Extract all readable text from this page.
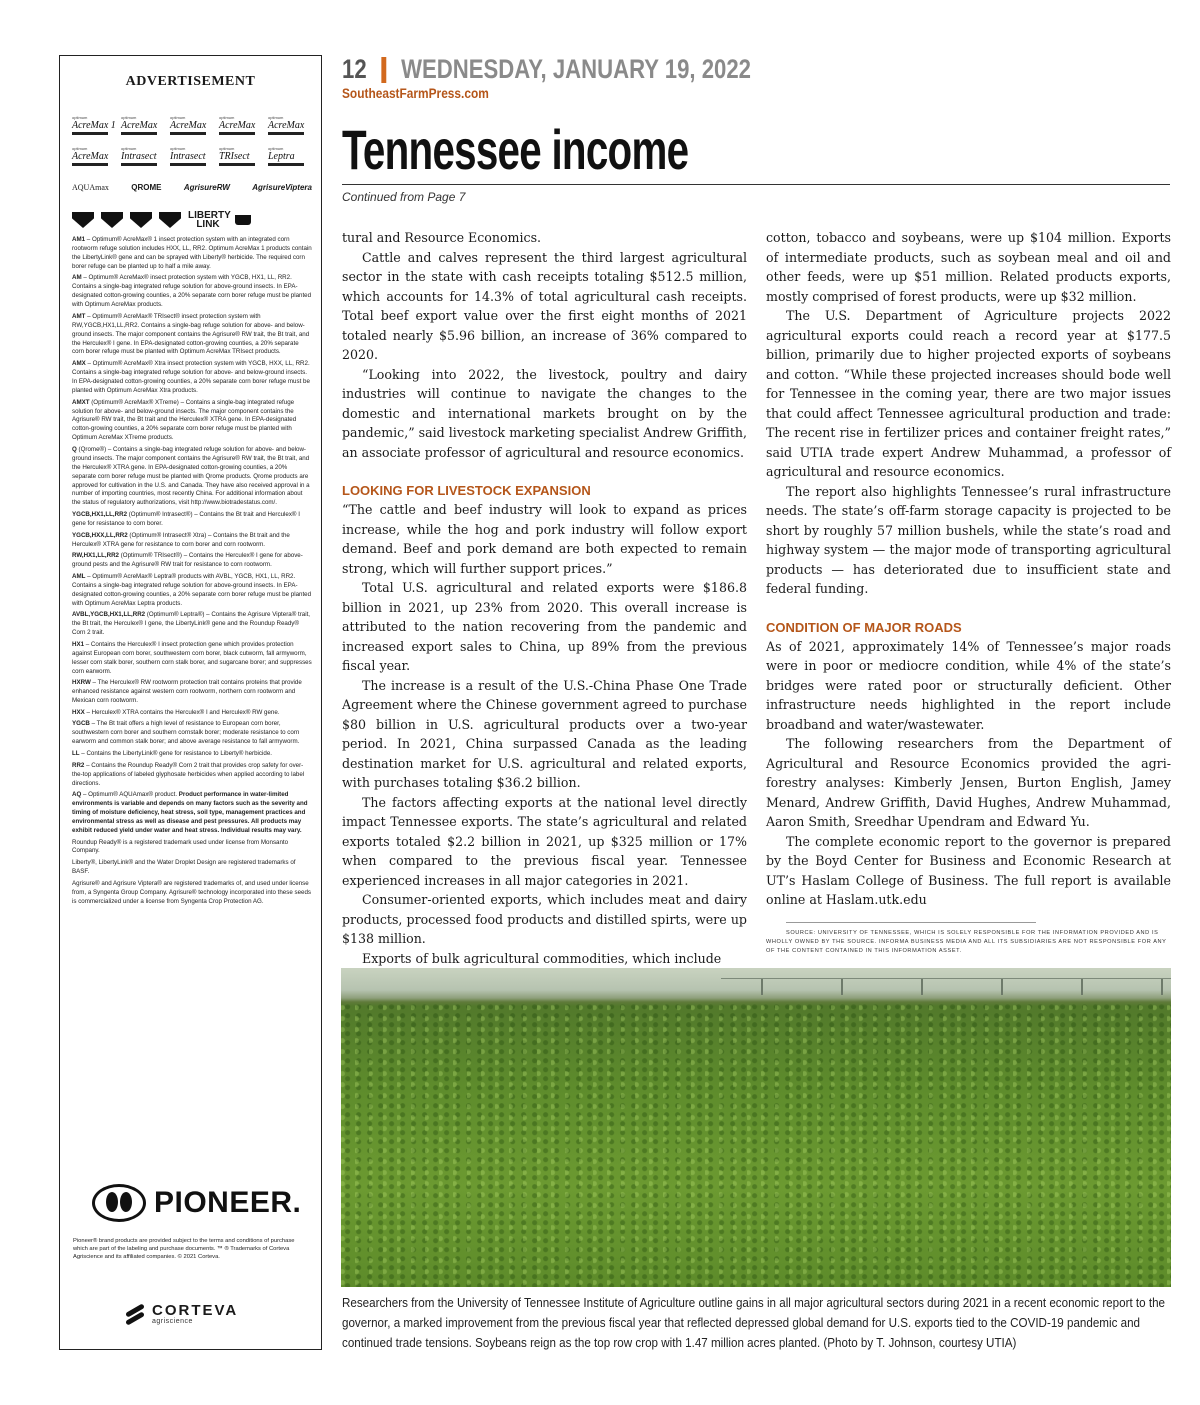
ADVERTISEMENT
optimum
AcreMax 1
optimum
AcreMax
optimum
AcreMax
optimum
AcreMax
optimum
AcreMax
optimum
AcreMax
optimum
Intrasect
optimum
Intrasect
optimum
TRIsect
optimum
Leptra
AQUAmax	QROME	AgrisureRW	AgrisureViptera
LIBERTY LINK

AM1 – Optimum® AcreMax® 1 insect protection system with an integrated corn rootworm refuge solution includes HXX, LL, RR2. Optimum AcreMax 1 products contain the LibertyLink® gene and can be sprayed with Liberty® herbicide. The required corn borer refuge can be planted up to half a mile away.

AM – Optimum® AcreMax® insect protection system with YGCB, HX1, LL, RR2. Contains a single-bag integrated refuge solution for above-ground insects. In EPA-designated cotton-growing counties, a 20% separate corn borer refuge must be planted with Optimum AcreMax products.

AMT – Optimum® AcreMax® TRIsect® insect protection system with RW,YGCB,HX1,LL,RR2. Contains a single-bag refuge solution for above- and below-ground insects. The major component contains the Agrisure® RW trait, the Bt trait, and the Herculex® I gene. In EPA-designated cotton-growing counties, a 20% separate corn borer refuge must be planted with Optimum AcreMax TRIsect products.

AMX – Optimum® AcreMax® Xtra insect protection system with YGCB, HXX, LL, RR2. Contains a single-bag integrated refuge solution for above- and below-ground insects. In EPA-designated cotton-growing counties, a 20% separate corn borer refuge must be planted with Optimum AcreMax Xtra products.

AMXT (Optimum® AcreMax® XTreme) – Contains a single-bag integrated refuge solution for above- and below-ground insects. The major component contains the Agrisure® RW trait, the Bt trait and the Herculex® XTRA gene. In EPA-designated cotton-growing counties, a 20% separate corn borer refuge must be planted with Optimum AcreMax XTreme products.

Q (Qrome®) – Contains a single-bag integrated refuge solution for above- and below-ground insects. The major component contains the Agrisure® RW trait, the Bt trait, and the Herculex® XTRA gene. In EPA-designated cotton-growing counties, a 20% separate corn borer refuge must be planted with Qrome products. Qrome products are approved for cultivation in the U.S. and Canada. They have also received approval in a number of importing countries, most recently China. For additional information about the status of regulatory authorizations, visit http://www.biotradestatus.com/.

YGCB,HX1,LL,RR2 (Optimum® Intrasect®) – Contains the Bt trait and Herculex® I gene for resistance to corn borer.

YGCB,HXX,LL,RR2 (Optimum® Intrasect® Xtra) – Contains the Bt trait and the Herculex® XTRA gene for resistance to corn borer and corn rootworm.

RW,HX1,LL,RR2 (Optimum® TRIsect®) – Contains the Herculex® I gene for above-ground pests and the Agrisure® RW trait for resistance to corn rootworm.

AML – Optimum® AcreMax® Leptra® products with AVBL, YGCB, HX1, LL, RR2. Contains a single-bag integrated refuge solution for above-ground insects. In EPA-designated cotton-growing counties, a 20% separate corn borer refuge must be planted with Optimum AcreMax Leptra products.

AVBL,YGCB,HX1,LL,RR2 (Optimum® Leptra®) – Contains the Agrisure Viptera® trait, the Bt trait, the Herculex® I gene, the LibertyLink® gene and the Roundup Ready® Corn 2 trait.

HX1 – Contains the Herculex® I insect protection gene which provides protection against European corn borer, southwestern corn borer, black cutworm, fall armyworm, lesser corn stalk borer, southern corn stalk borer, and sugarcane borer; and suppresses corn earworm.

HXRW – The Herculex® RW rootworm protection trait contains proteins that provide enhanced resistance against western corn rootworm, northern corn rootworm and Mexican corn rootworm.

HXX – Herculex® XTRA contains the Herculex® I and Herculex® RW gene.

YGCB – The Bt trait offers a high level of resistance to European corn borer, southwestern corn borer and southern cornstalk borer; moderate resistance to corn earworm and common stalk borer; and above average resistance to fall armyworm.

LL – Contains the LibertyLink® gene for resistance to Liberty® herbicide.

RR2 – Contains the Roundup Ready® Corn 2 trait that provides crop safety for over-the-top applications of labeled glyphosate herbicides when applied according to label directions.

AQ – Optimum® AQUAmax® product. Product performance in water-limited environments is variable and depends on many factors such as the severity and timing of moisture deficiency, heat stress, soil type, management practices and environmental stress as well as disease and pest pressures. All products may exhibit reduced yield under water and heat stress. Individual results may vary.

Roundup Ready® is a registered trademark used under license from Monsanto Company.

Liberty®, LibertyLink® and the Water Droplet Design are registered trademarks of BASF.

Agrisure® and Agrisure Viptera® are registered trademarks of, and used under license from, a Syngenta Group Company. Agrisure® technology incorporated into these seeds is commercialized under a license from Syngenta Crop Protection AG.

PIONEER.
Pioneer® brand products are provided subject to the terms and conditions of purchase which are part of the labeling and purchase documents. ™ ® Trademarks of Corteva Agriscience and its affiliated companies. © 2021 Corteva.
CORTEVA
agriscience
12 WEDNESDAY, JANUARY 19, 2022
SoutheastFarmPress.com
Tennessee income
Continued from Page 7

tural and Resource Economics.

Cattle and calves represent the third largest agricultural sector in the state with cash receipts totaling $512.5 million, which accounts for 14.3% of total agricultural cash receipts. Total beef export value over the first eight months of 2021 totaled nearly $5.96 billion, an increase of 36% compared to 2020.

“Looking into 2022, the livestock, poultry and dairy industries will continue to navigate the changes to the domestic and international markets brought on by the pandemic,” said livestock marketing specialist Andrew Griffith, an associate professor of agricultural and resource economics.

LOOKING FOR LIVESTOCK EXPANSION

“The cattle and beef industry will look to expand as prices increase, while the hog and pork industry will follow export demand. Beef and pork demand are both expected to remain strong, which will further support prices.”

Total U.S. agricultural and related exports were $186.8 billion in 2021, up 23% from 2020. This overall increase is attributed to the nation recovering from the pandemic and increased export sales to China, up 89% from the previous fiscal year.

The increase is a result of the U.S.-China Phase One Trade Agreement where the Chinese government agreed to purchase $80 billion in U.S. agricultural products over a two-year period. In 2021, China surpassed Canada as the leading destination market for U.S. agricultural and related exports, with purchases totaling $36.2 billion.

The factors affecting exports at the national level directly impact Tennessee exports. The state’s agricultural and related exports totaled $2.2 billion in 2021, up $325 million or 17% when compared to the previous fiscal year. Tennessee experienced increases in all major categories in 2021.

Consumer-oriented exports, which includes meat and dairy products, processed food products and distilled spirts, were up $138 million.

Exports of bulk agricultural commodities, which include

cotton, tobacco and soybeans, were up $104 million. Exports of intermediate products, such as soybean meal and oil and other feeds, were up $51 million. Related products exports, mostly comprised of forest products, were up $32 million.

The U.S. Department of Agriculture projects 2022 agricultural exports could reach a record year at $177.5 billion, primarily due to higher projected exports of soybeans and cotton. “While these projected increases should bode well for Tennessee in the coming year, there are two major issues that could affect Tennessee agricultural production and trade: The recent rise in fertilizer prices and container freight rates,” said UTIA trade expert Andrew Muhammad, a professor of agricultural and resource economics.

The report also highlights Tennessee’s rural infrastructure needs. The state’s off-farm storage capacity is projected to be short by roughly 57 million bushels, while the state’s road and highway system — the major mode of transporting agricultural products — has deteriorated due to insufficient state and federal funding.

CONDITION OF MAJOR ROADS

As of 2021, approximately 14% of Tennessee’s major roads were in poor or mediocre condition, while 4% of the state’s bridges were rated poor or structurally deficient. Other infrastructure needs highlighted in the report include broadband and water/wastewater.

The following researchers from the Department of Agricultural and Resource Economics provided the agri-forestry analyses: Kimberly Jensen, Burton English, Jamey Menard, Andrew Griffith, David Hughes, Andrew Muhammad, Aaron Smith, Sreedhar Upendram and Edward Yu.

The complete economic report to the governor is prepared by the Boyd Center for Business and Economic Research at UT’s Haslam College of Business. The full report is available online at Haslam.utk.edu

SOURCE: UNIVERSITY OF TENNESSEE, WHICH IS SOLELY RESPONSIBLE FOR THE INFORMATION PROVIDED AND IS WHOLLY OWNED BY THE SOURCE. INFORMA BUSINESS MEDIA AND ALL ITS SUBSIDIARIES ARE NOT RESPONSIBLE FOR ANY OF THE CONTENT CONTAINED IN THIS INFORMATION ASSET.

Researchers from the University of Tennessee Institute of Agriculture outline gains in all major agricultural sectors during 2021 in a recent economic report to the governor, a marked improvement from the previous fiscal year that reflected depressed global demand for U.S. exports tied to the COVID-19 pandemic and continued trade tensions. Soybeans reign as the top row crop with 1.47 million acres planted. (Photo by T. Johnson, courtesy UTIA)
